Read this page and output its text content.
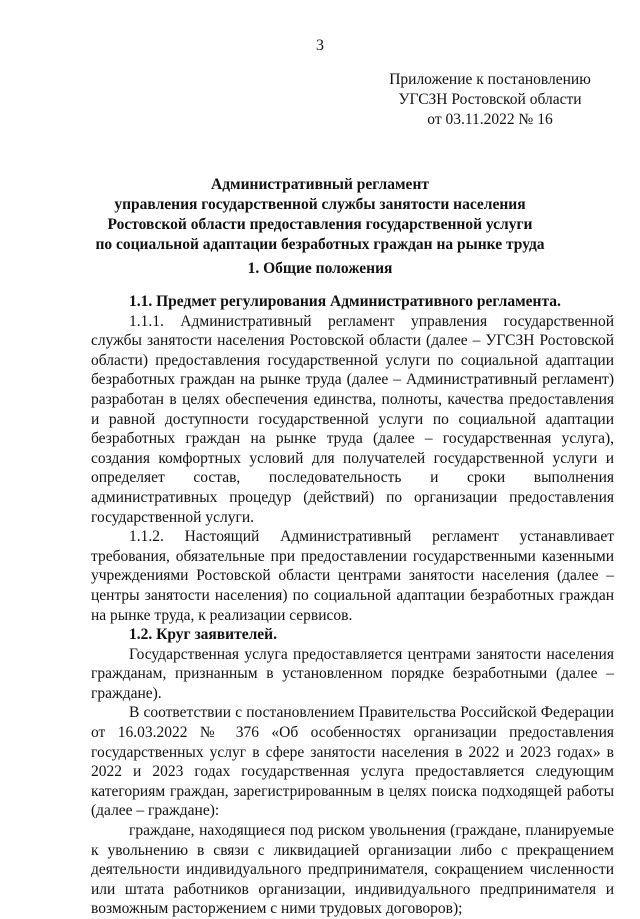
3
Приложение к постановлению
УГСЗН Ростовской области
от 03.11.2022 № 16
Административный регламент
управления государственной службы занятости населения
Ростовской области предоставления государственной услуги
по социальной адаптации безработных граждан на рынке труда
1. Общие положения

1.1. Предмет регулирования Административного регламента.

1.1.1. Административный регламент управления государственной службы занятости населения Ростовской области (далее – УГСЗН Ростовской области) предоставления государственной услуги по социальной адаптации безработных граждан на рынке труда (далее – Административный регламент) разработан в целях обеспечения единства, полноты, качества предоставления и равной доступности государственной услуги по социальной адаптации безработных граждан на рынке труда (далее – государственная услуга), создания комфортных условий для получателей государственной услуги и определяет состав, последовательность и сроки выполнения административных процедур (действий) по организации предоставления государственной услуги.

1.1.2. Настоящий Административный регламент устанавливает требования, обязательные при предоставлении государственными казенными учреждениями Ростовской области центрами занятости населения (далее – центры занятости населения) по социальной адаптации безработных граждан на рынке труда, к реализации сервисов.

1.2. Круг заявителей.

Государственная услуга предоставляется центрами занятости населения гражданам, признанным в установленном порядке безработными (далее – граждане).

В соответствии с постановлением Правительства Российской Федерации от 16.03.2022 № 376 «Об особенностях организации предоставления государственных услуг в сфере занятости населения в 2022 и 2023 годах» в 2022 и 2023 годах государственная услуга предоставляется следующим категориям граждан, зарегистрированным в целях поиска подходящей работы (далее – граждане):

граждане, находящиеся под риском увольнения (граждане, планируемые к увольнению в связи с ликвидацией организации либо с прекращением деятельности индивидуального предпринимателя, сокращением численности или штата работников организации, индивидуального предпринимателя и возможным расторжением с ними трудовых договоров);
